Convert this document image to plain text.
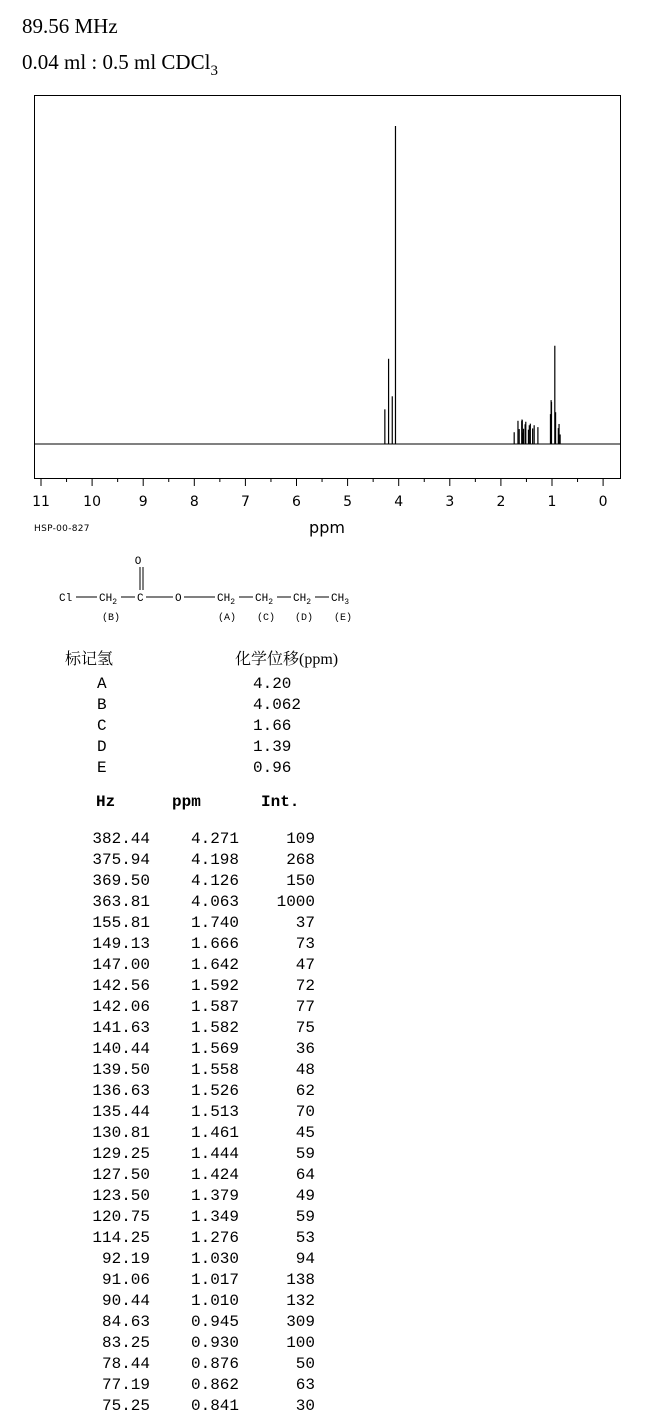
89.56 MHz
0.04 ml : 0.5 ml CDCl$_3$
11 10	9	8	7	6	5	4	3	2	1	0
ppm
HSP-00-827
O
Cl $CH_2$ C	O	$CH_2$ $CH_2$ $CH_2$ $CH_3$
(B)	(A) (C) (D) (E)
标记氢	化学位移(ppm)
A	4.20
B	4.062
C	1.66
D	1.39
E	0.96
Hz	ppm	Int.
382.44	4.271	109
375.94	4.198	268
369.50	4.126	150
363.81	4.063 1000
155.81	1.740	37
149.13	1.666	73
147.00	1.642	47
142.56	1.592	72
142.06	1.587	77
141.63	1.582	75
140.44	1.569	36
139.50	1.558	48
136.63	1.526	62
135.44	1.513	70
130.81	1.461	45
129.25	1.444	59
127.50	1.424	64
123.50	1.379	49
120.75	1.349	59
114.25	1.276	53
92.19	1.030	94
91.06	1.017	138
90.44	1.010	132
84.63	0.945	309
83.25	0.930	100
78.44	0.876	50
77.19	0.862	63
75.25	0.841	30
